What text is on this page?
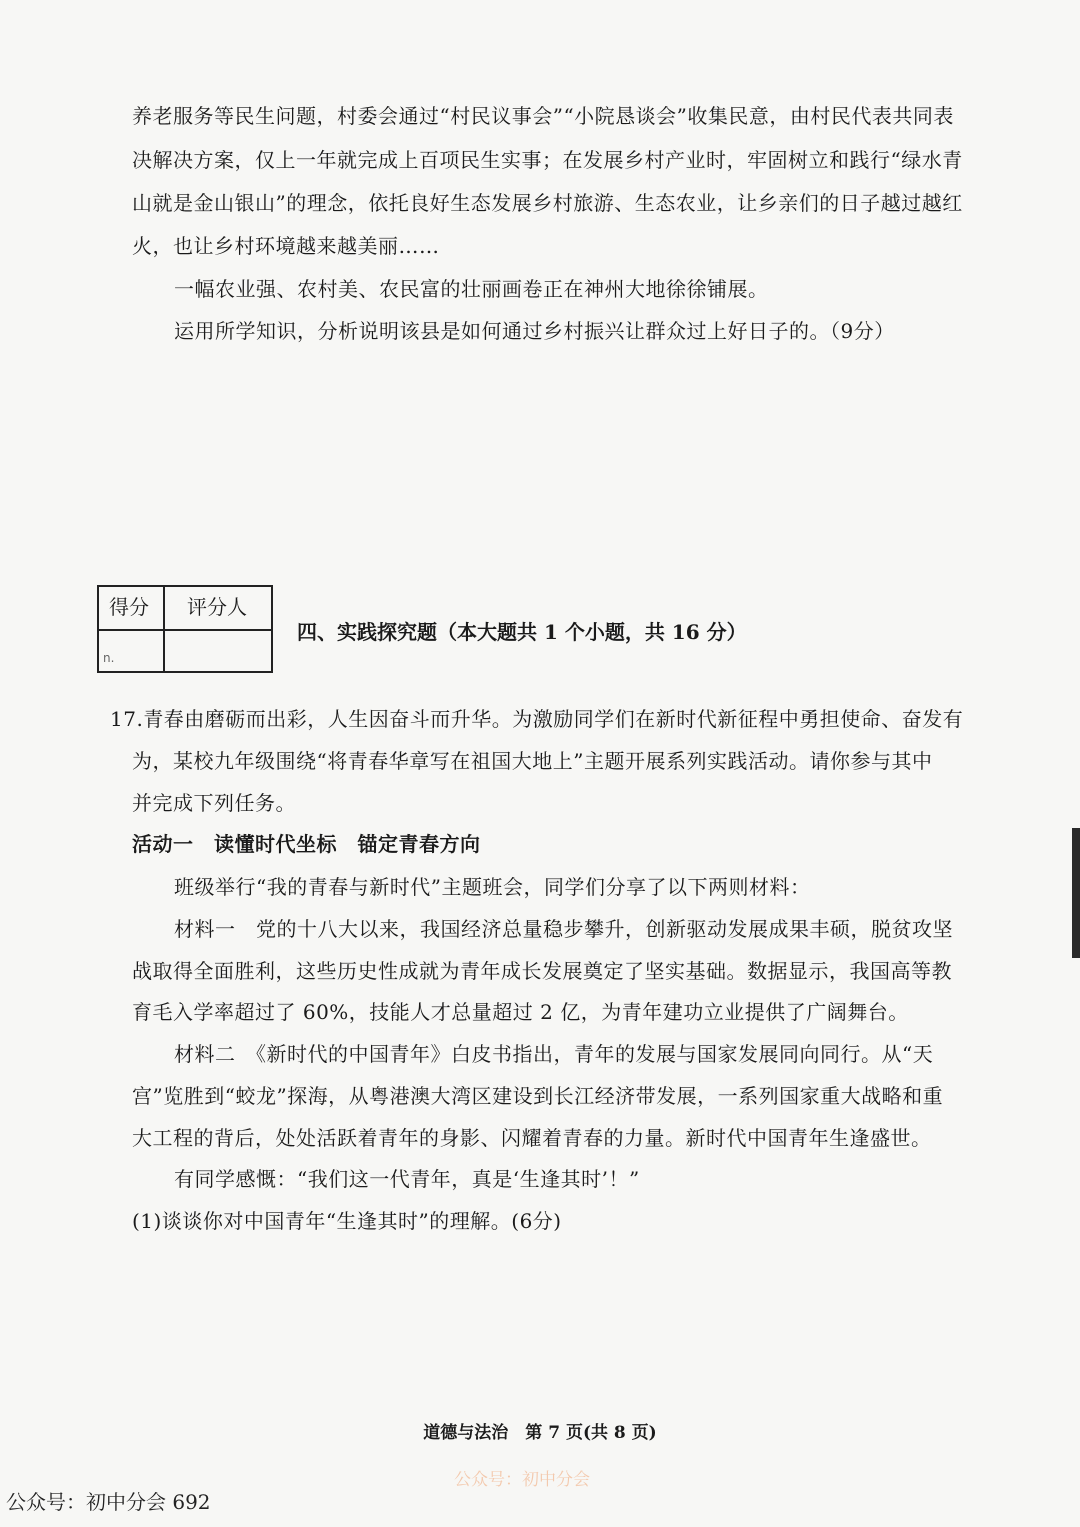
养老服务等民生问题，村委会通过“村民议事会”“小院恳谈会”收集民意，由村民代表共同表
决解决方案，仅上一年就完成上百项民生实事；在发展乡村产业时，牢固树立和践行“绿水青
山就是金山银山”的理念，依托良好生态发展乡村旅游、生态农业，让乡亲们的日子越过越红
火，也让乡村环境越来越美丽……
一幅农业强、农村美、农民富的壮丽画卷正在神州大地徐徐铺展。
运用所学知识，分析说明该县是如何通过乡村振兴让群众过上好日子的。（9分）
得分 评分人
n.
四、实践探究题（本大题共 1 个小题，共 16 分）
17.青春由磨砺而出彩，人生因奋斗而升华。为激励同学们在新时代新征程中勇担使命、奋发有
为，某校九年级围绕“将青春华章写在祖国大地上”主题开展系列实践活动。请你参与其中
并完成下列任务。
活动一　读懂时代坐标　锚定青春方向
班级举行“我的青春与新时代”主题班会，同学们分享了以下两则材料：
材料一　党的十八大以来，我国经济总量稳步攀升，创新驱动发展成果丰硕，脱贫攻坚
战取得全面胜利，这些历史性成就为青年成长发展奠定了坚实基础。数据显示，我国高等教
育毛入学率超过了 60%，技能人才总量超过 2 亿，为青年建功立业提供了广阔舞台。
材料二　《新时代的中国青年》白皮书指出，青年的发展与国家发展同向同行。从“天
宫”览胜到“蛟龙”探海，从粤港澳大湾区建设到长江经济带发展，一系列国家重大战略和重
大工程的背后，处处活跃着青年的身影、闪耀着青春的力量。新时代中国青年生逢盛世。
有同学感慨：“我们这一代青年，真是‘生逢其时’！”
(1)谈谈你对中国青年“生逢其时”的理解。(6分)
道德与法治　第 7 页(共 8 页)
公众号：初中分会
公众号：初中分会 692
